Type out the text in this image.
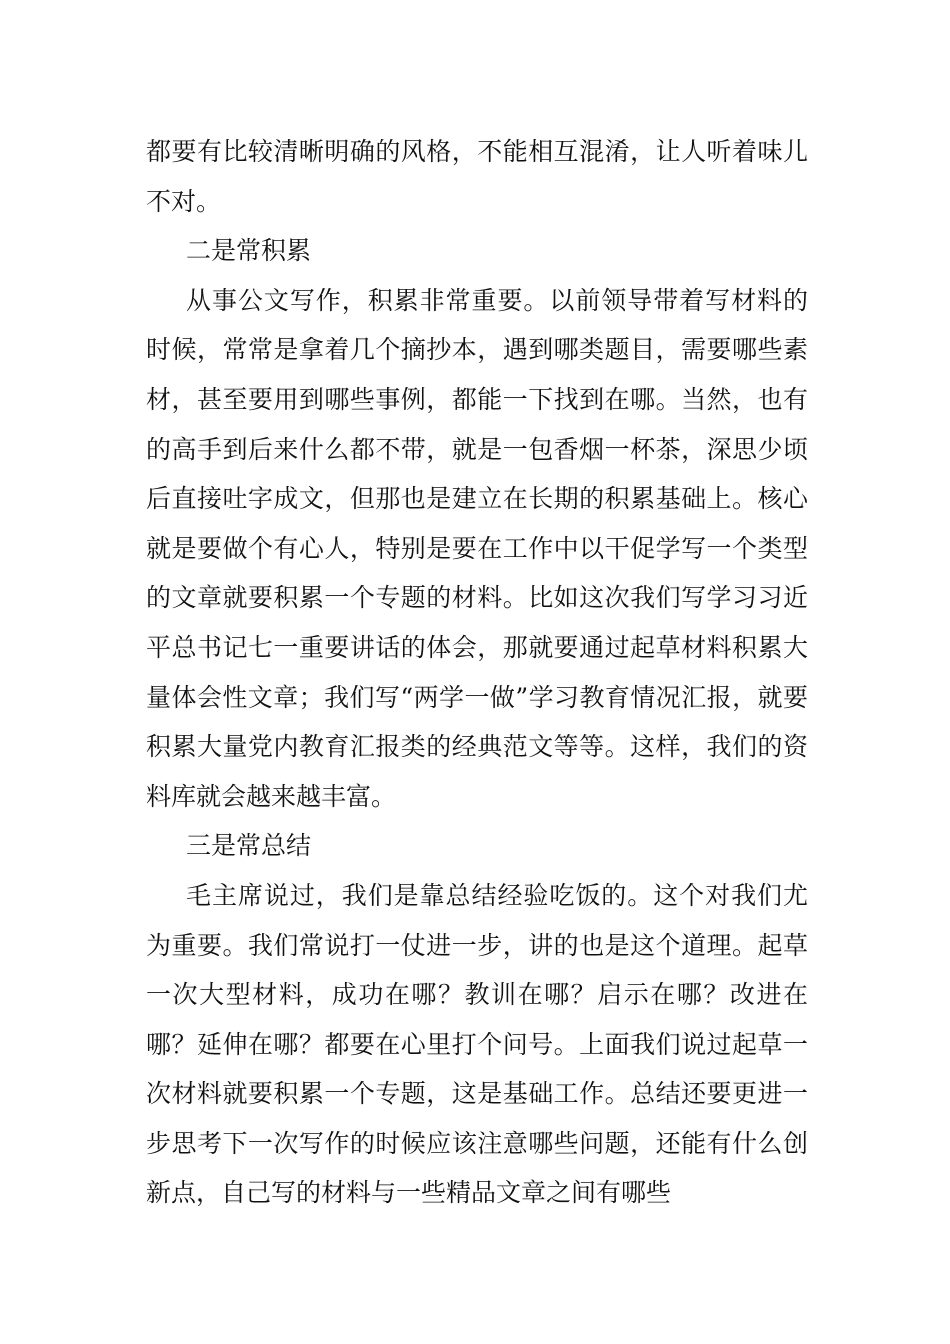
都要有比较清晰明确的风格，不能相互混淆，让人听着味儿不对。

二是常积累

从事公文写作，积累非常重要。以前领导带着写材料的时候，常常是拿着几个摘抄本，遇到哪类题目，需要哪些素材，甚至要用到哪些事例，都能一下找到在哪。当然，也有的高手到后来什么都不带，就是一包香烟一杯茶，深思少顷后直接吐字成文，但那也是建立在长期的积累基础上。核心就是要做个有心人，特别是要在工作中以干促学写一个类型的文章就要积累一个专题的材料。比如这次我们写学习习近平总书记七一重要讲话的体会，那就要通过起草材料积累大量体会性文章；我们写“两学一做”学习教育情况汇报，就要积累大量党内教育汇报类的经典范文等等。这样，我们的资料库就会越来越丰富。

三是常总结

毛主席说过，我们是靠总结经验吃饭的。这个对我们尤为重要。我们常说打一仗进一步，讲的也是这个道理。起草一次大型材料，成功在哪？教训在哪？启示在哪？改进在哪？延伸在哪？都要在心里打个问号。上面我们说过起草一次材料就要积累一个专题，这是基础工作。总结还要更进一步思考下一次写作的时候应该注意哪些问题，还能有什么创新点，自己写的材料与一些精品文章之间有哪些
